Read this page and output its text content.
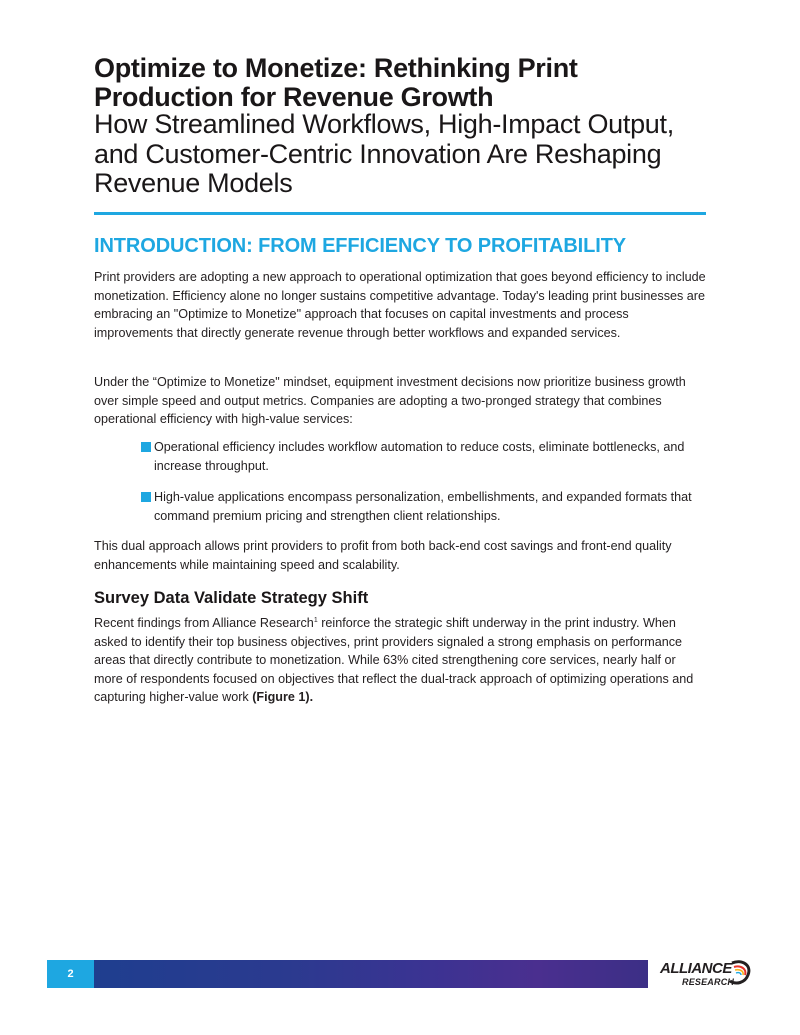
Optimize to Monetize: Rethinking Print Production for Revenue Growth
How Streamlined Workflows, High-Impact Output, and Customer-Centric Innovation Are Reshaping Revenue Models
INTRODUCTION: FROM EFFICIENCY TO PROFITABILITY

Print providers are adopting a new approach to operational optimization that goes beyond efficiency to include monetization. Efficiency alone no longer sustains competitive advantage. Today's leading print businesses are embracing an "Optimize to Monetize" approach that focuses on capital investments and process improvements that directly generate revenue through better workflows and expanded services.

Under the “Optimize to Monetize" mindset, equipment investment decisions now prioritize business growth over simple speed and output metrics. Companies are adopting a two-pronged strategy that combines operational efficiency with high-value services:

Operational efficiency includes workflow automation to reduce costs, eliminate bottlenecks, and increase throughput.
High-value applications encompass personalization, embellishments, and expanded formats that command premium pricing and strengthen client relationships.

This dual approach allows print providers to profit from both back-end cost savings and front-end quality enhancements while maintaining speed and scalability.

Survey Data Validate Strategy Shift

Recent findings from Alliance Research$^1$ reinforce the strategic shift underway in the print industry. When asked to identify their top business objectives, print providers signaled a strong emphasis on performance areas that directly contribute to monetization. While 63% cited strengthening core services, nearly half or more of respondents focused on objectives that reflect the dual-track approach of optimizing operations and capturing higher-value work (Figure 1).

2	ALLIANCE
RESEARCH
